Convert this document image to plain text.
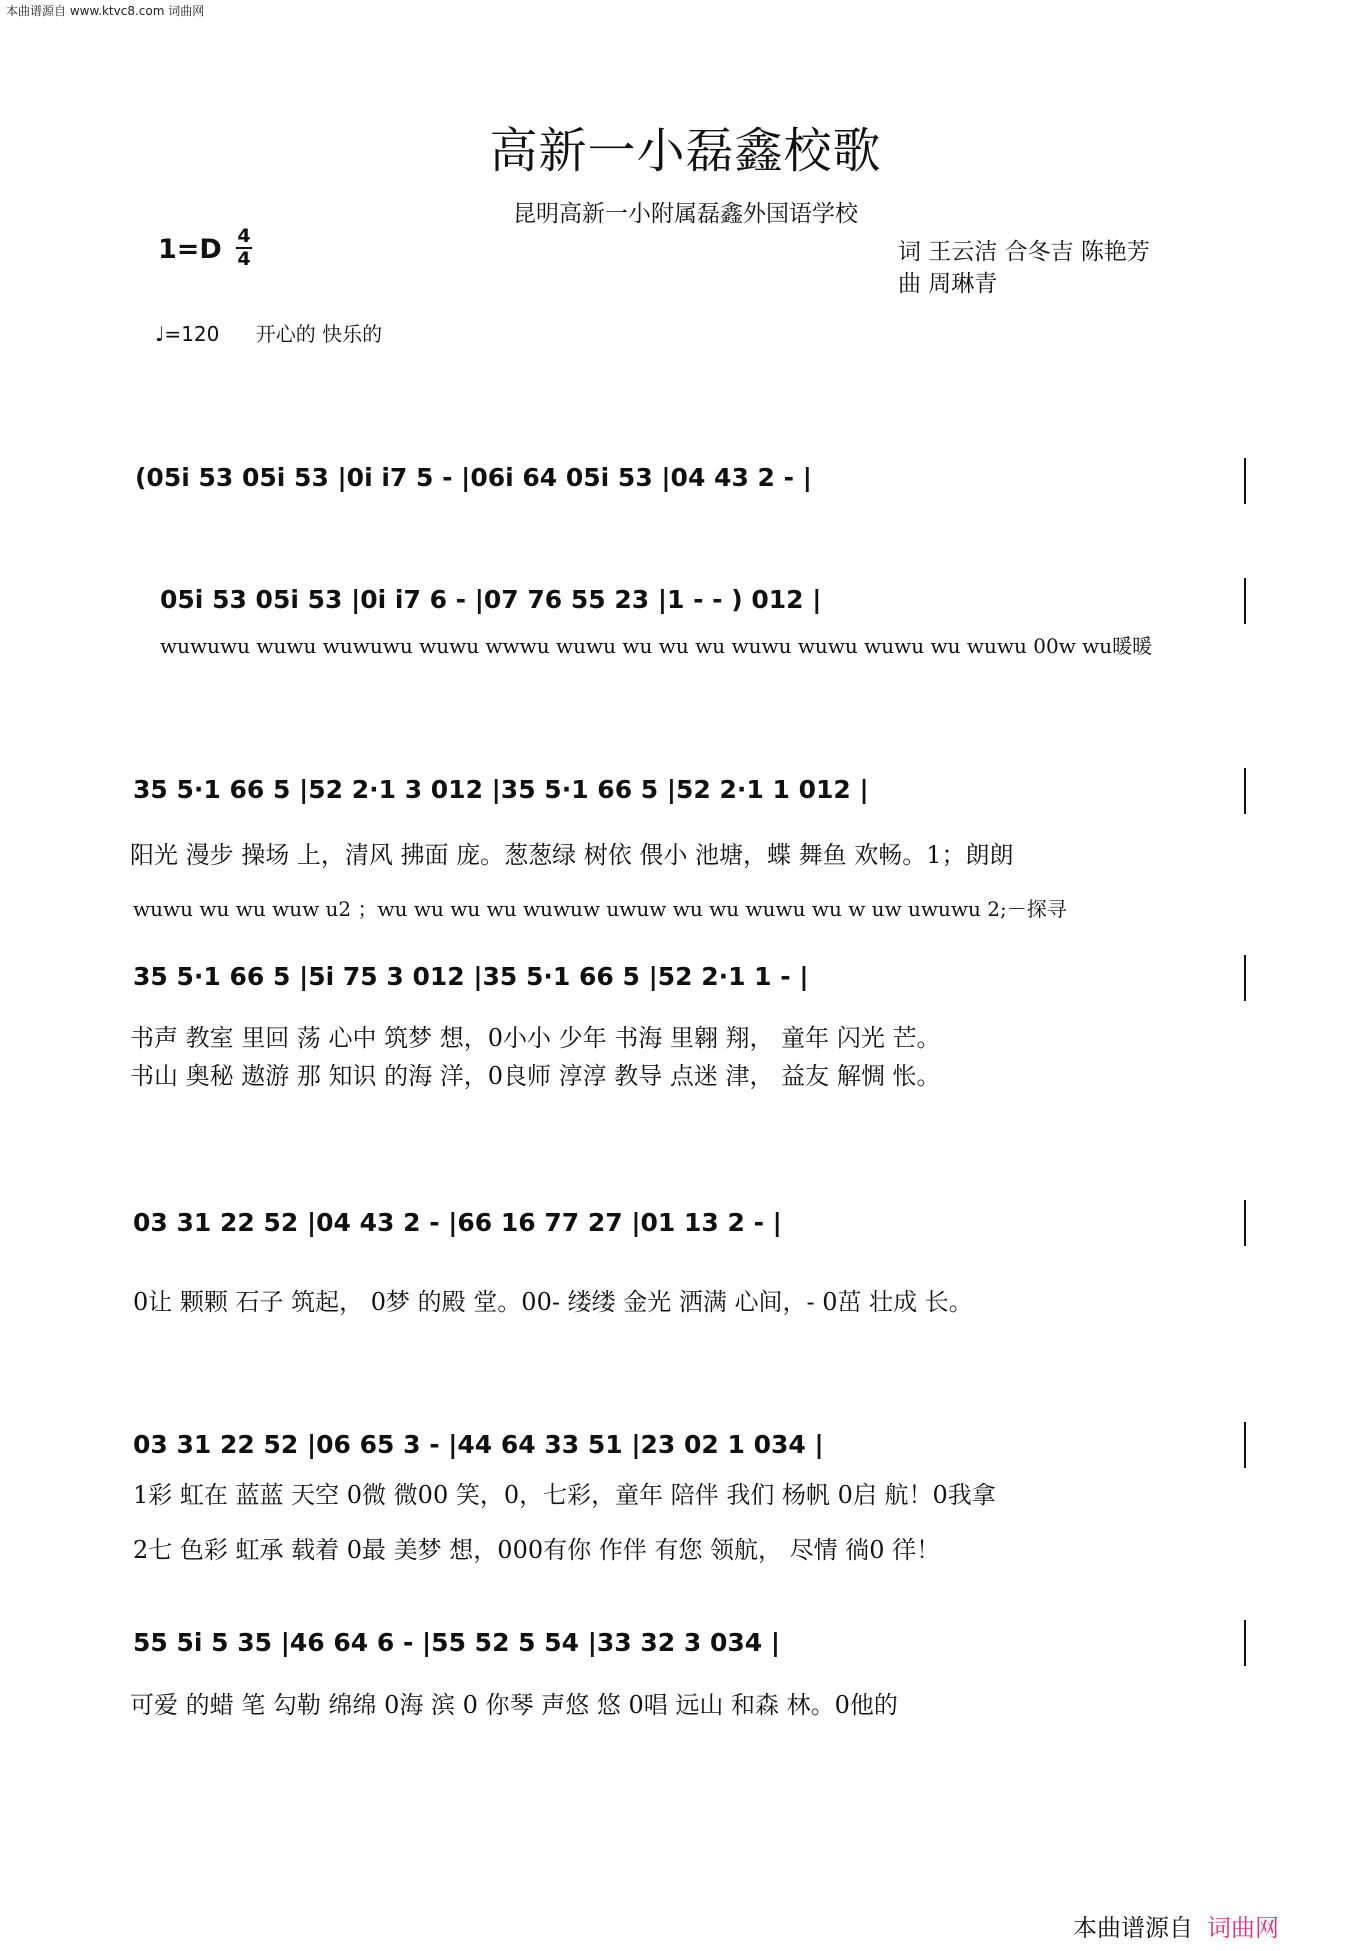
本曲谱源自 www.ktvc8.com 词曲网
高新一小磊鑫校歌
昆明高新一小附属磊鑫外国语学校
1=D 4
4	词 王云洁 合冬吉 陈艳芳
曲 周琳青
♩=120 开心的 快乐的
(05i 53 05i 53 |0i i7 5 - |06i 64 05i 53 |04 43 2 - |
05i 53 05i 53 |0i i7 6 - |07 76 55 23 |1 - - ) 012 |
wuwuwu wuwu wuwuwu wuwu wwwu wuwu wu wu wu wuwu wuwu wuwu wu wuwu 00w wu暖暖
35 5·1 66 5 |52 2·1 3 012 |35 5·1 66 5 |52 2·1 1 012 |
阳光 漫步 操场 上，清风 拂面 庞。葱葱绿 树依 偎小 池塘，蝶 舞鱼 欢畅。1；朗朗
wuwu wu wu wuw u2 ；wu wu wu wu wuwuw uwuw wu wu wuwu wu w uw uwuwu 2;－探寻
35 5·1 66 5 |5i 75 3 012 |35 5·1 66 5 |52 2·1 1 - |
书声 教室 里回 荡 心中 筑梦 想，0小小 少年 书海 里翱 翔， 童年 闪光 芒。
书山 奥秘 遨游 那 知识 的海 洋，0良师 淳淳 教导 点迷 津， 益友 解惆 怅。
03 31 22 52 |04 43 2 - |66 16 77 27 |01 13 2 - |
0让 颗颗 石子 筑起， 0梦 的殿 堂。00- 缕缕 金光 洒满 心间，- 0茁 壮成 长。
03 31 22 52 |06 65 3 - |44 64 33 51 |23 02 1 034 |
1彩 虹在 蓝蓝 天空 0微 微00 笑，0，七彩，童年 陪伴 我们 杨帆 0启 航！0我拿
2七 色彩 虹承 载着 0最 美梦 想，000有你 作伴 有您 领航， 尽情 徜0 徉！
55 5i 5 35 |46 64 6 - |55 52 5 54 |33 32 3 034 |
可爱 的蜡 笔 勾勒 绵绵 0海 滨 0 你琴 声悠 悠 0唱 远山 和森 林。0他的
本曲谱源自 词曲网
